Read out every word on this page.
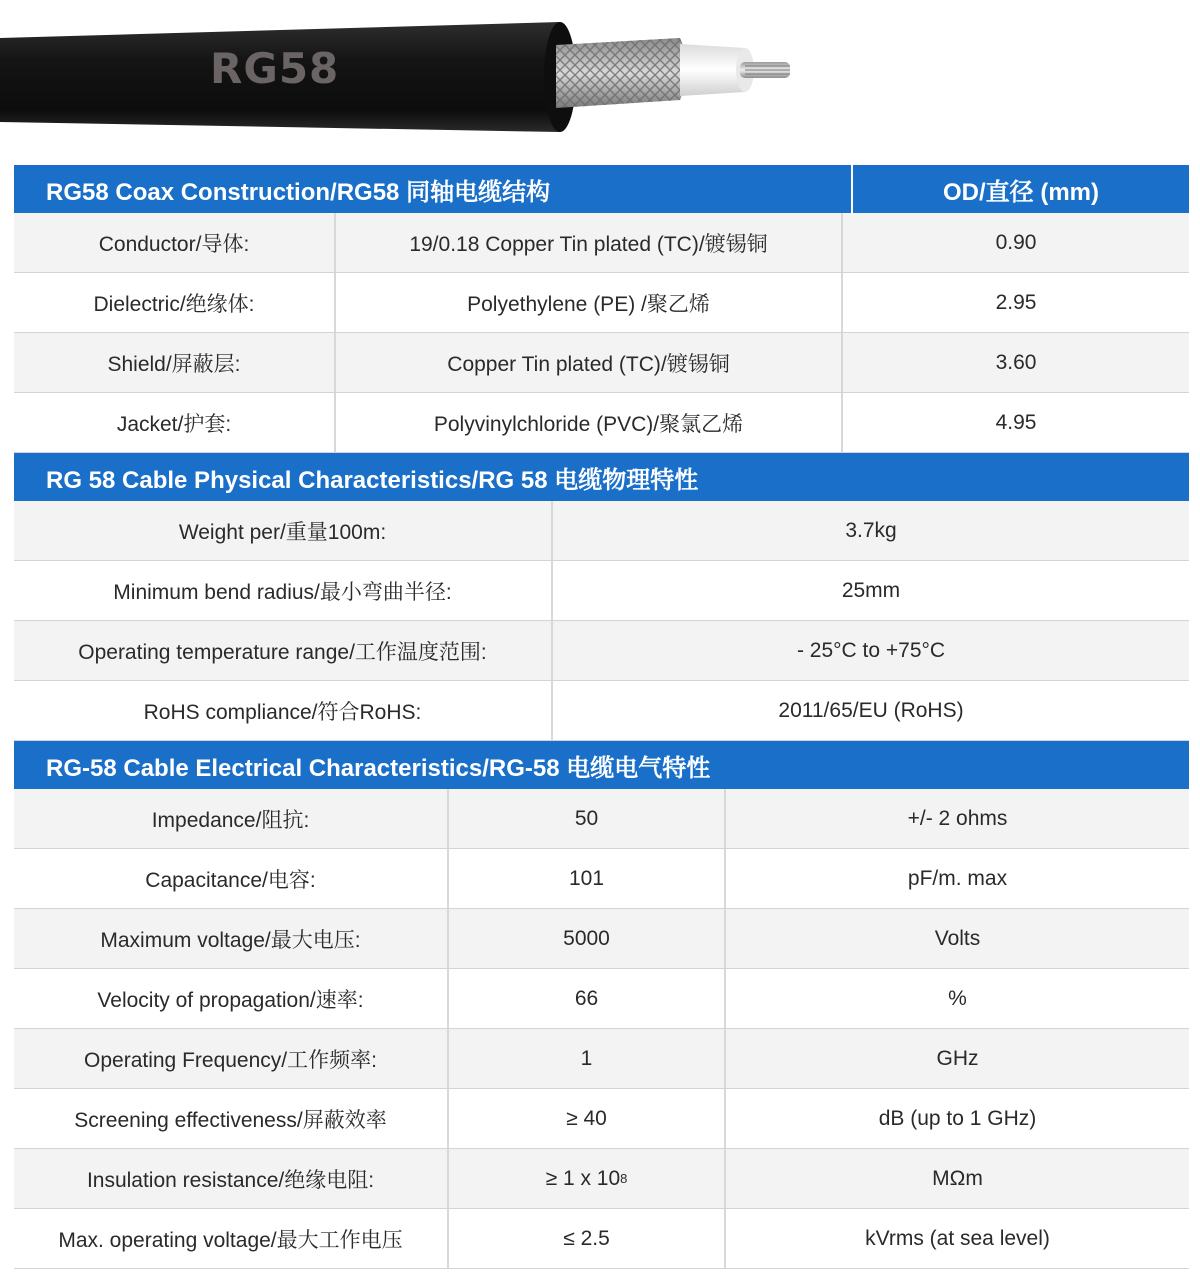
RG58
RG58 Coax Construction/RG58 同轴电缆结构	OD/直径 (mm)
Conductor/导体:	19/0.18 Copper Tin plated (TC)/镀锡铜	0.90
Dielectric/绝缘体:	Polyethylene (PE) /聚乙烯	2.95
Shield/屏蔽层:	Copper Tin plated (TC)/镀锡铜	3.60
Jacket/护套:	Polyvinylchloride (PVC)/聚氯乙烯	4.95
RG 58 Cable Physical Characteristics/RG 58 电缆物理特性
Weight per/重量100m:	3.7kg
Minimum bend radius/最小弯曲半径:	25mm
Operating temperature range/工作温度范围:	- 25°C to +75°C
RoHS compliance/符合RoHS:	2011/65/EU (RoHS)
RG-58 Cable Electrical Characteristics/RG-58 电缆电气特性
Impedance/阻抗:	50	+/- 2 ohms
Capacitance/电容:	101	pF/m. max
Maximum voltage/最大电压:	5000	Volts
Velocity of propagation/速率:	66	%
Operating Frequency/工作频率:	1	GHz
Screening effectiveness/屏蔽效率	≥ 40	dB (up to 1 GHz)
Insulation resistance/绝缘电阻:	≥ 1 x 10 8	MΩm
Max. operating voltage/最大工作电压	≤ 2.5	kVrms (at sea level)
